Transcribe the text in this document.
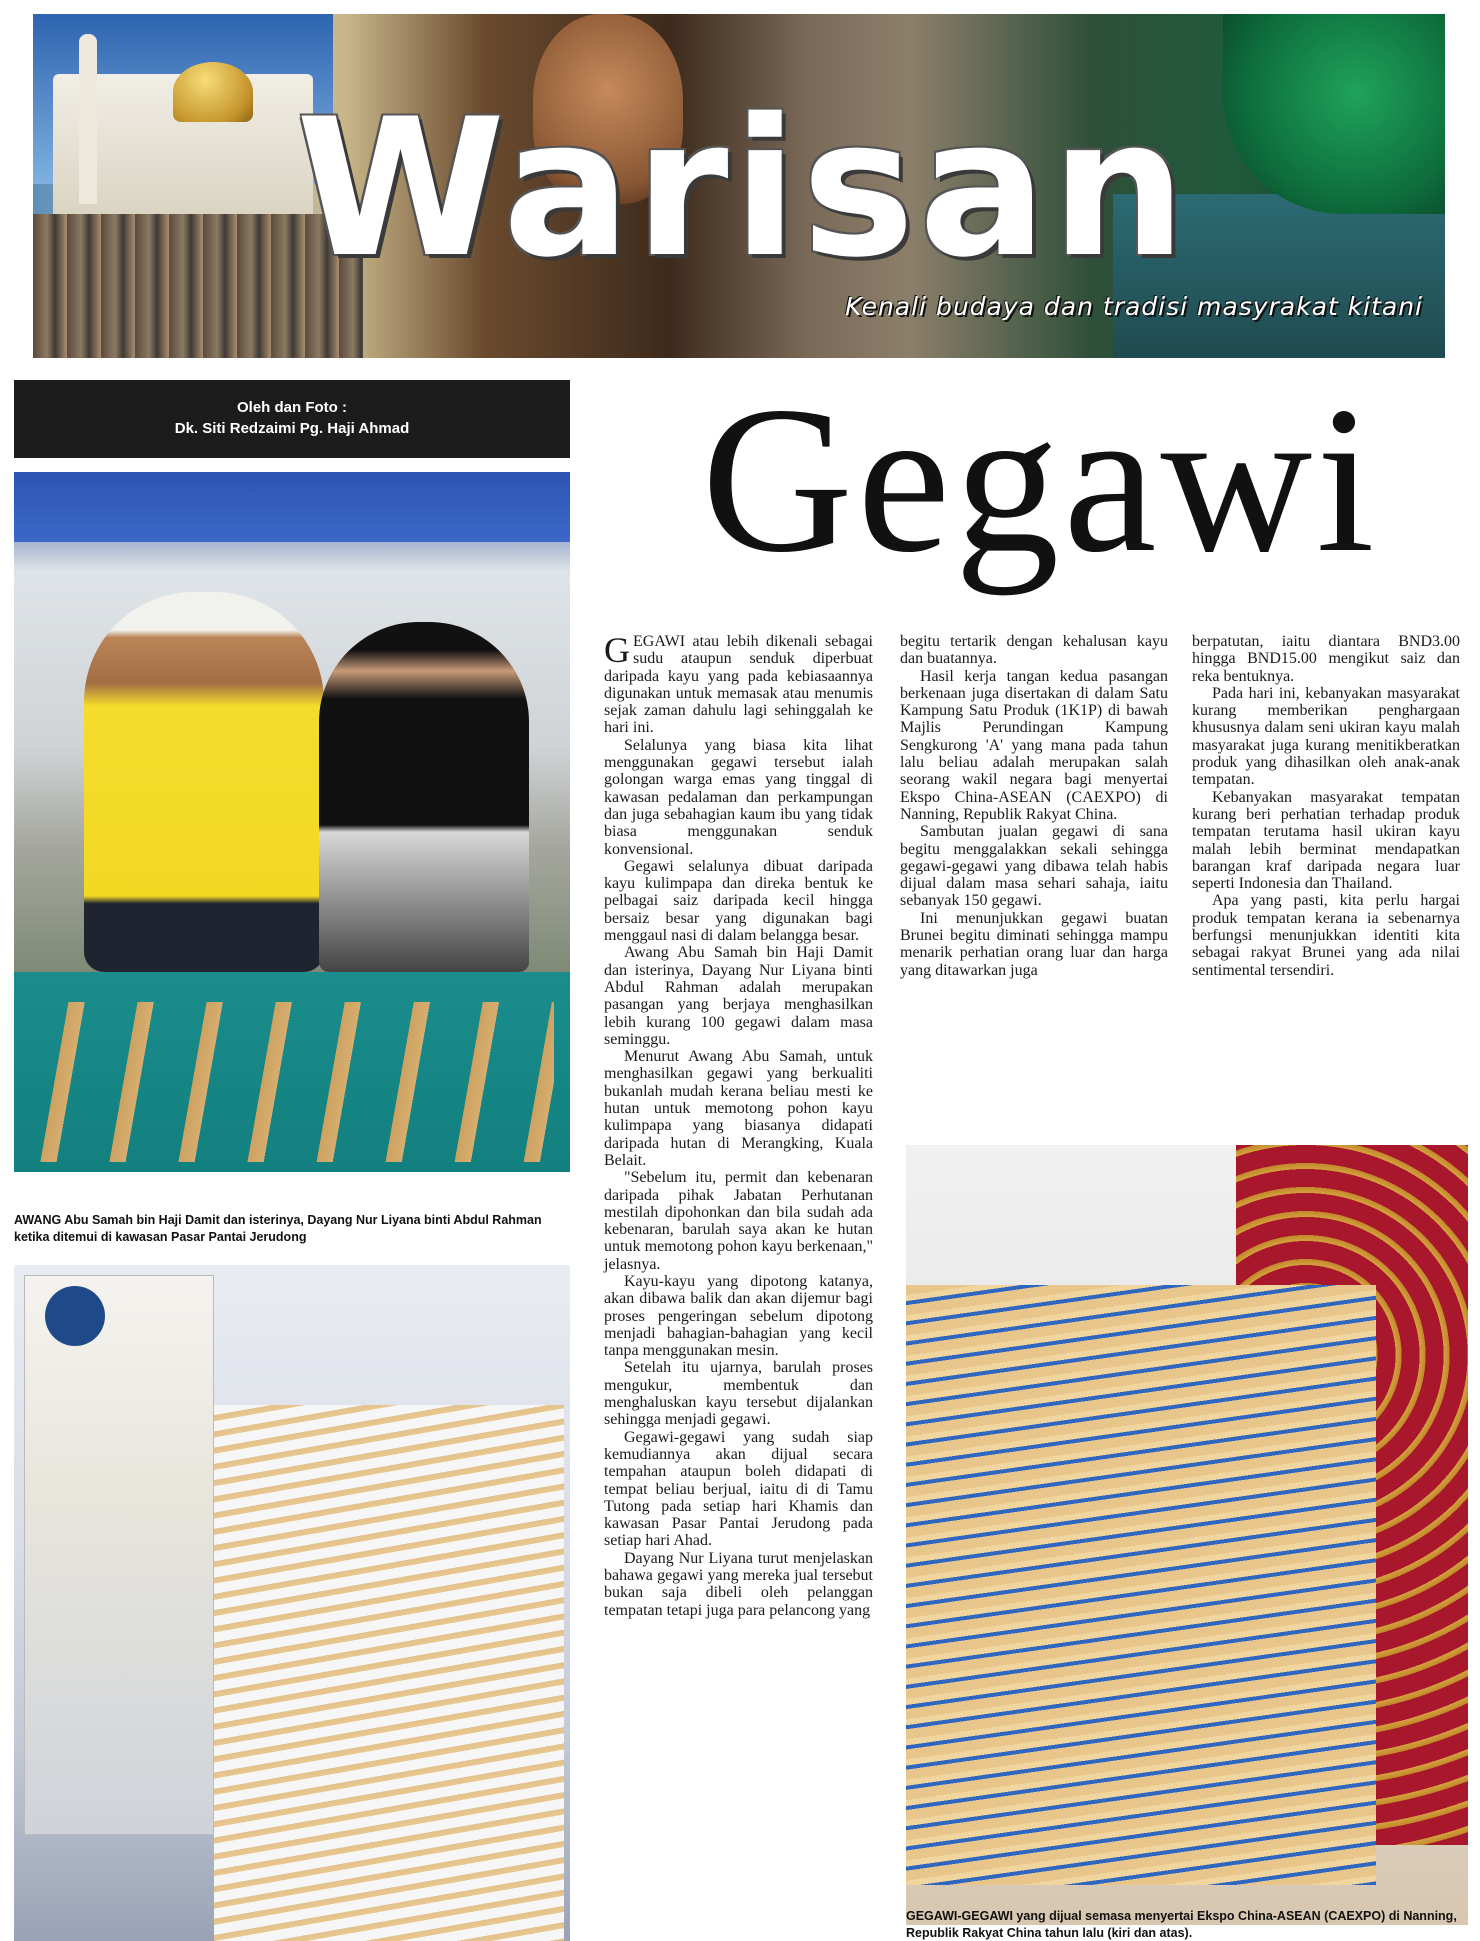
Warisan
Kenali budaya dan tradisi masyrakat kitani
Oleh dan Foto :
Dk. Siti Redzaimi Pg. Haji Ahmad	Gegawi
AWANG Abu Samah bin Haji Damit dan isterinya, Dayang Nur Liyana binti Abdul Rahman ketika ditemui di kawasan Pasar Pantai Jerudong
GEGAWI-GEGAWI yang dijual semasa menyertai Ekspo China-ASEAN (CAEXPO) di Nanning, Republik Rakyat China tahun lalu (kiri dan atas).

GEGAWI atau lebih dikenali sebagai sudu ataupun senduk diperbuat daripada kayu yang pada kebiasaannya digunakan untuk memasak atau menumis sejak zaman dahulu lagi sehinggalah ke hari ini.

Selalunya yang biasa kita lihat menggunakan gegawi tersebut ialah golongan warga emas yang tinggal di kawasan pedalaman dan perkampungan dan juga sebahagian kaum ibu yang tidak biasa menggunakan senduk konvensional.

Gegawi selalunya dibuat daripada kayu kulimpapa dan direka bentuk ke pelbagai saiz daripada kecil hingga bersaiz besar yang digunakan bagi menggaul nasi di dalam belangga besar.

Awang Abu Samah bin Haji Damit dan isterinya, Dayang Nur Liyana binti Abdul Rahman adalah merupakan pasangan yang berjaya menghasilkan lebih kurang 100 gegawi dalam masa seminggu.

Menurut Awang Abu Samah, untuk menghasilkan gegawi yang berkualiti bukanlah mudah kerana beliau mesti ke hutan untuk memotong pohon kayu kulimpapa yang biasanya didapati daripada hutan di Merangking, Kuala Belait.

"Sebelum itu, permit dan kebenaran daripada pihak Jabatan Perhutanan mestilah dipohonkan dan bila sudah ada kebenaran, barulah saya akan ke hutan untuk memotong pohon kayu berkenaan," jelasnya.

Kayu-kayu yang dipotong katanya, akan dibawa balik dan akan dijemur bagi proses pengeringan sebelum dipotong menjadi bahagian-bahagian yang kecil tanpa menggunakan mesin.

Setelah itu ujarnya, barulah proses mengukur, membentuk dan menghaluskan kayu tersebut dijalankan sehingga menjadi gegawi.

Gegawi-gegawi yang sudah siap kemudiannya akan dijual secara tempahan ataupun boleh didapati di tempat beliau berjual, iaitu di di Tamu Tutong pada setiap hari Khamis dan kawasan Pasar Pantai Jerudong pada setiap hari Ahad.

Dayang Nur Liyana turut menjelaskan bahawa gegawi yang mereka jual tersebut bukan saja dibeli oleh pelanggan tempatan tetapi juga para pelancong yang

begitu tertarik dengan kehalusan kayu dan buatannya.

Hasil kerja tangan kedua pasangan berkenaan juga disertakan di dalam Satu Kampung Satu Produk (1K1P) di bawah Majlis Perundingan Kampung Sengkurong 'A' yang mana pada tahun lalu beliau adalah merupakan salah seorang wakil negara bagi menyertai Ekspo China-ASEAN (CAEXPO) di Nanning, Republik Rakyat China.

Sambutan jualan gegawi di sana begitu menggalakkan sekali sehingga gegawi-gegawi yang dibawa telah habis dijual dalam masa sehari sahaja, iaitu sebanyak 150 gegawi.

Ini menunjukkan gegawi buatan Brunei begitu diminati sehingga mampu menarik perhatian orang luar dan harga yang ditawarkan juga

berpatutan, iaitu diantara BND3.00 hingga BND15.00 mengikut saiz dan reka bentuknya.

Pada hari ini, kebanyakan masyarakat kurang memberikan penghargaan khususnya dalam seni ukiran kayu malah masyarakat juga kurang menitikberatkan produk yang dihasilkan oleh anak-anak tempatan.

Kebanyakan masyarakat tempatan kurang beri perhatian terhadap produk tempatan terutama hasil ukiran kayu malah lebih berminat mendapatkan barangan kraf daripada negara luar seperti Indonesia dan Thailand.

Apa yang pasti, kita perlu hargai produk tempatan kerana ia sebenarnya berfungsi menunjukkan identiti kita sebagai rakyat Brunei yang ada nilai sentimental tersendiri.
